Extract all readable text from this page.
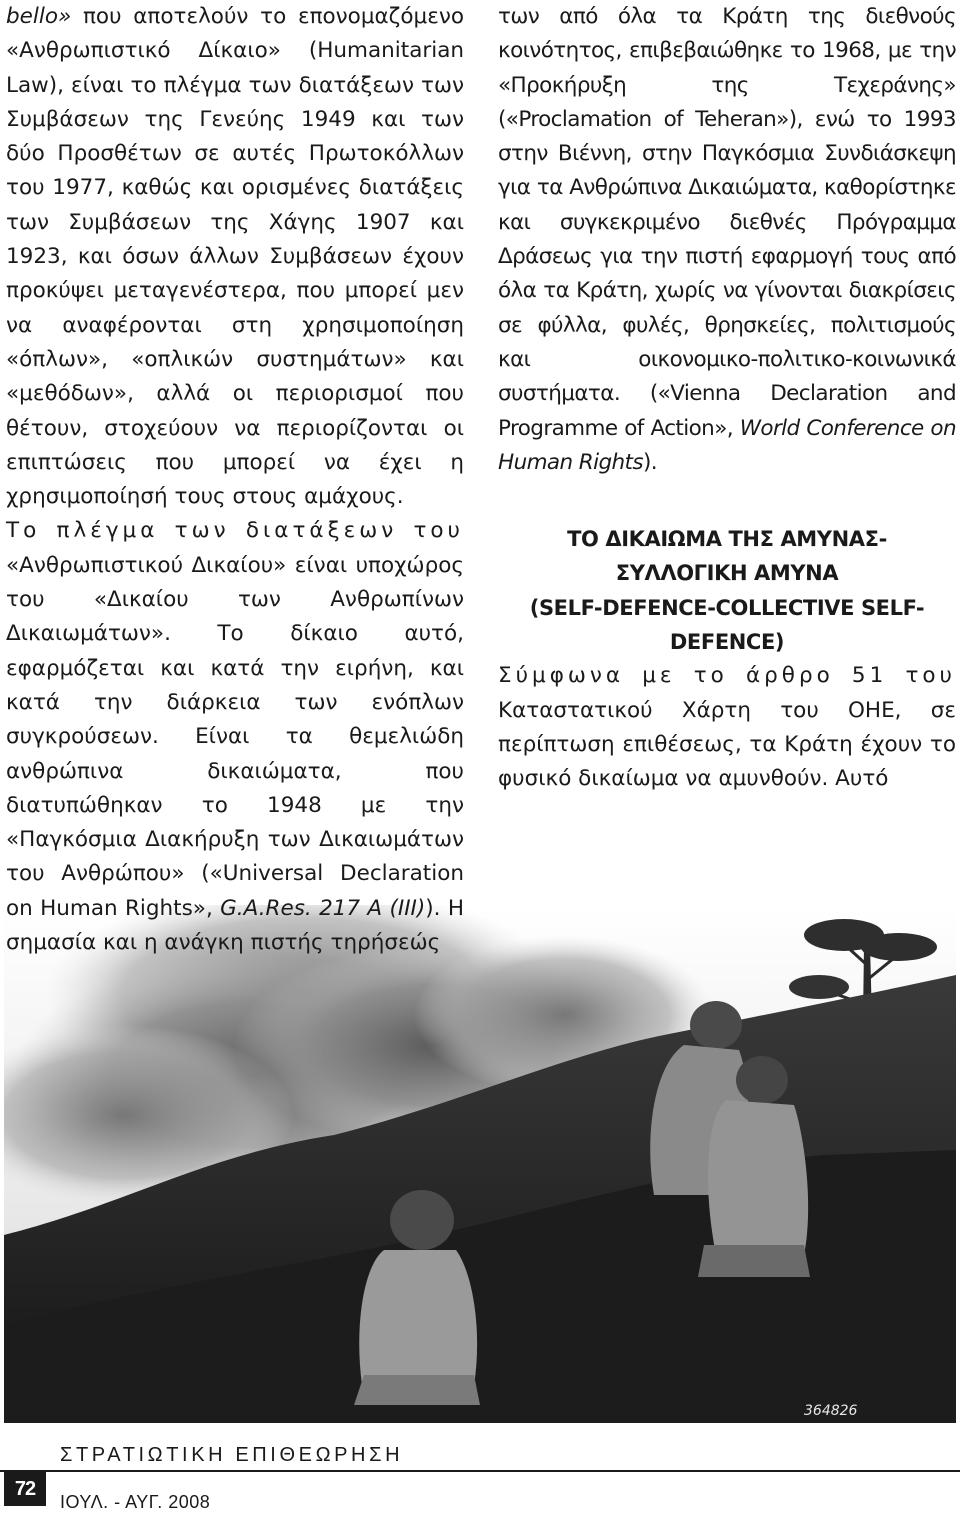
364826

bello» που αποτελούν το επονομαζόμενο «Ανθρωπιστικό Δίκαιο» (Humanitarian Law), είναι το πλέγμα των διατάξεων των Συμβάσεων της Γενεύης 1949 και των δύο Προσθέτων σε αυτές Πρωτοκόλλων του 1977, καθώς και ορισμένες διατάξεις των Συμβάσεων της Χάγης 1907 και 1923, και όσων άλλων Συμβάσεων έχουν προκύψει μεταγενέστερα, που μπορεί μεν να αναφέρονται στη χρησιμοποίηση «όπλων», «οπλικών συστημάτων» και «μεθόδων», αλλά οι περιορισμοί που θέτουν, στοχεύουν να περιορίζονται οι επιπτώσεις που μπορεί να έχει η χρησιμοποίησή τους στους αμάχους.

Το πλέγμα των διατάξεων του «Ανθρωπιστικού Δικαίου» είναι υποχώρος του «Δικαίου των Ανθρωπίνων Δικαιωμάτων». Το δίκαιο αυτό, εφαρμόζεται και κατά την ειρήνη, και κατά την διάρκεια των ενόπλων συγκρούσεων. Είναι τα θεμελιώδη ανθρώπινα δικαιώματα, που διατυπώθηκαν το 1948 με την «Παγκόσμια Διακήρυξη των Δικαιωμάτων του Ανθρώπου» («Universal Declaration on Human Rights», G.A.Res. 217 A (III)). Η σημασία και η ανάγκη πιστής τηρήσεώς

των από όλα τα Κράτη της διεθνούς κοινότητος, επιβεβαιώθηκε το 1968, με την «Προκήρυξη της Τεχεράνης» («Proclamation of Teheran»), ενώ το 1993 στην Βιέννη, στην Παγκόσμια Συνδιάσκεψη για τα Ανθρώπινα Δικαιώματα, καθορίστηκε και συγκεκριμένο διεθνές Πρόγραμμα Δράσεως για την πιστή εφαρμογή τους από όλα τα Κράτη, χωρίς να γίνονται διακρίσεις σε φύλλα, φυλές, θρησκείες, πολιτισμούς και οικονομικο-πολιτικο-κοινωνικά συστήματα. («Vienna Declaration and Programme of Action», World Conference on Human Rights).

ΤΟ ΔΙΚΑΙΩΜΑ ΤΗΣ ΑΜΥΝΑΣ-
ΣΥΛΛΟΓΙΚΗ ΑΜΥΝΑ
(SELF-DEFENCE-COLLECTIVE SELF-DEFENCE)

Σύμφωνα με το άρθρο 51 του Καταστατικού Χάρτη του ΟΗΕ, σε περίπτωση επιθέσεως, τα Κράτη έχουν το φυσικό δικαίωμα να αμυνθούν. Αυτό

72
ΣΤΡΑΤΙΩΤΙΚΗ ΕΠΙΘΕΩΡΗΣΗ
ΙΟΥΛ. - ΑΥΓ. 2008
